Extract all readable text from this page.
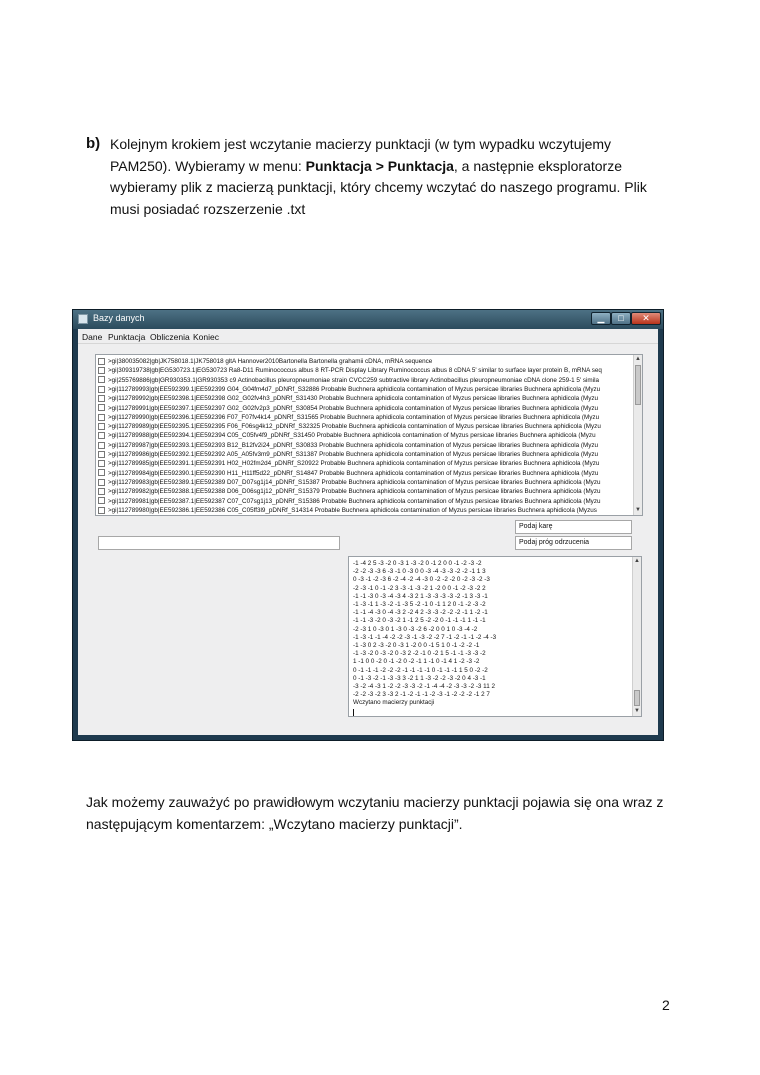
b) Kolejnym krokiem jest wczytanie macierzy punktacji (w tym wypadku wczytujemy
PAM250). Wybieramy w menu: Punktacja > Punktacja, a następnie eksploratorze
wybieramy plik z macierzą punktacji, który chcemy wczytać do naszego programu. Plik
musi posiadać rozszerzenie .txt
Bazy danych	▁	□	✕
Dane Punktacja Obliczenia Koniec
>gi|380035082|gb|JK758018.1|JK758018 gltA Hannover2010Bartonella Bartonella grahamii cDNA, mRNA sequence
>gi|309319738|gb|EG530723.1|EG530723 Ra8-D11 Ruminococcus albus 8 RT-PCR Display Library Ruminococcus albus 8 cDNA 5' similar to surface layer protein B, mRNA seq
>gi|255769886|gb|GR930353.1|GR930353 c9 Actinobacillus pleuropneumoniae strain CVCC259 subtractive library Actinobacillus pleuropneumoniae cDNA clone 259-1 5' simila
>gi|112789993|gb|EE592399.1|EE592399 G04_G04fm4d7_pDNRf_S32886 Probable Buchnera aphidicola contamination of Myzus persicae libraries Buchnera aphidicola (Myzu
>gi|112789992|gb|EE592398.1|EE592398 G02_G02fv4h3_pDNRf_S31430 Probable Buchnera aphidicola contamination of Myzus persicae libraries Buchnera aphidicola (Myzu
>gi|112789991|gb|EE592397.1|EE592397 G02_G02fv2p3_pDNRf_S30854 Probable Buchnera aphidicola contamination of Myzus persicae libraries Buchnera aphidicola (Myzu
>gi|112789990|gb|EE592396.1|EE592396 F07_F07fv4k14_pDNRf_S31565 Probable Buchnera aphidicola contamination of Myzus persicae libraries Buchnera aphidicola (Myzu
>gi|112789989|gb|EE592395.1|EE592395 F06_F06sg4k12_pDNRf_S32325 Probable Buchnera aphidicola contamination of Myzus persicae libraries Buchnera aphidicola (Myzu
>gi|112789988|gb|EE592394.1|EE592394 C05_C05fv4f9_pDNRf_S31450 Probable Buchnera aphidicola contamination of Myzus persicae libraries Buchnera aphidicola (Myzu
>gi|112789987|gb|EE592393.1|EE592393 B12_B12fv2i24_pDNRf_S30833 Probable Buchnera aphidicola contamination of Myzus persicae libraries Buchnera aphidicola (Myzu
>gi|112789986|gb|EE592392.1|EE592392 A05_A05fv3m9_pDNRf_S31387 Probable Buchnera aphidicola contamination of Myzus persicae libraries Buchnera aphidicola (Myzu
>gi|112789985|gb|EE592391.1|EE592391 H02_H02fm2d4_pDNRf_S20922 Probable Buchnera aphidicola contamination of Myzus persicae libraries Buchnera aphidicola (Myzu
>gi|112789984|gb|EE592390.1|EE592390 H11_H11ff5d22_pDNRf_S14847 Probable Buchnera aphidicola contamination of Myzus persicae libraries Buchnera aphidicola (Myzu
>gi|112789983|gb|EE592389.1|EE592389 D07_D07sg1j14_pDNRf_S15387 Probable Buchnera aphidicola contamination of Myzus persicae libraries Buchnera aphidicola (Myzu
>gi|112789982|gb|EE592388.1|EE592388 D06_D06sg1j12_pDNRf_S15379 Probable Buchnera aphidicola contamination of Myzus persicae libraries Buchnera aphidicola (Myzu
>gi|112789981|gb|EE592387.1|EE592387 C07_C07sg1j13_pDNRf_S15386 Probable Buchnera aphidicola contamination of Myzus persicae libraries Buchnera aphidicola (Myzu
>gi|112789980|gb|EE592386.1|EE592386 C05_C05ff3l9_pDNRf_S14314 Probable Buchnera aphidicola contamination of Myzus persicae libraries Buchnera aphidicola (Myzus
▲
▼
Podaj karę
Podaj próg odrzucenia
-1 -4 2 5 -3 -2 0 -3 1 -3 -2 0 -1 2 0 0 -1 -2 -3 -2
-2 -2 -3 -3 6 -3 -1 0 -3 0 0 -3 -4 -3 -3 -2 -2 -1 1 3
0 -3 -1 -2 -3 6 -2 -4 -2 -4 -3 0 -2 -2 -2 0 -2 -3 -2 -3
-2 -3 -1 0 -1 -2 3 -3 -1 -3 -2 1 -2 0 0 -1 -2 -3 -2 2
-1 -1 -3 0 -3 -4 -3 4 -3 2 1 -3 -3 -3 -3 -2 -1 3 -3 -1
-1 -3 -1 1 -3 -2 -1 -3 5 -2 -1 0 -1 1 2 0 -1 -2 -3 -2
-1 -1 -4 -3 0 -4 -3 2 -2 4 2 -3 -3 -2 -2 -2 -1 1 -2 -1
-1 -1 -3 -2 0 -3 -2 1 -1 2 5 -2 -2 0 -1 -1 -1 1 -1 -1
-2 -3 1 0 -3 0 1 -3 0 -3 -2 6 -2 0 0 1 0 -3 -4 -2
-1 -3 -1 -1 -4 -2 -2 -3 -1 -3 -2 -2 7 -1 -2 -1 -1 -2 -4 -3
-1 -3 0 2 -3 -2 0 -3 1 -2 0 0 -1 5 1 0 -1 -2 -2 -1
-1 -3 -2 0 -3 -2 0 -3 2 -2 -1 0 -2 1 5 -1 -1 -3 -3 -2
1 -1 0 0 -2 0 -1 -2 0 -2 -1 1 -1 0 -1 4 1 -2 -3 -2
0 -1 -1 -1 -2 -2 -2 -1 -1 -1 -1 0 -1 -1 -1 1 5 0 -2 -2
0 -1 -3 -2 -1 -3 -3 3 -2 1 1 -3 -2 -2 -3 -2 0 4 -3 -1
-3 -2 -4 -3 1 -2 -2 -3 -3 -2 -1 -4 -4 -2 -3 -3 -2 -3 11 2
-2 -2 -3 -2 3 -3 2 -1 -2 -1 -1 -2 -3 -1 -2 -2 -2 -1 2 7
Wczytano macierzy punktacji
▲
▼
Jak możemy zauważyć po prawidłowym wczytaniu macierzy punktacji pojawia się ona wraz z
następującym komentarzem: „Wczytano macierzy punktacji”.
2
